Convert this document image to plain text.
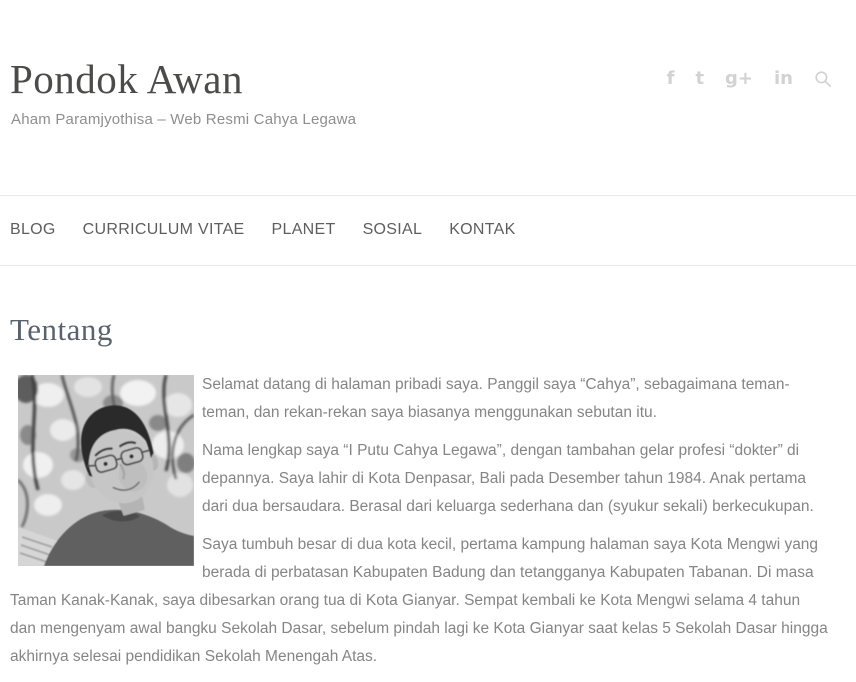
Pondok Awan

Aham Paramjyothisa – Web Resmi Cahya Legawa

f t g+ in
BLOG CURRICULUM VITAE PLANET SOSIAL KONTAK
Tentang

Selamat datang di halaman pribadi saya. Panggil saya “Cahya”, sebagaimana teman-teman, dan rekan-rekan saya biasanya menggunakan sebutan itu.

Nama lengkap saya “I Putu Cahya Legawa”, dengan tambahan gelar profesi “dokter” di depannya. Saya lahir di Kota Denpasar, Bali pada Desember tahun 1984. Anak pertama dari dua bersaudara. Berasal dari keluarga sederhana dan (syukur sekali) berkecukupan.

Saya tumbuh besar di dua kota kecil, pertama kampung halaman saya Kota Mengwi yang berada di perbatasan Kabupaten Badung dan tetangganya Kabupaten Tabanan. Di masa Taman Kanak-Kanak, saya dibesarkan orang tua di Kota Gianyar. Sempat kembali ke Kota Mengwi selama 4 tahun dan mengenyam awal bangku Sekolah Dasar, sebelum pindah lagi ke Kota Gianyar saat kelas 5 Sekolah Dasar hingga akhirnya selesai pendidikan Sekolah Menengah Atas.
